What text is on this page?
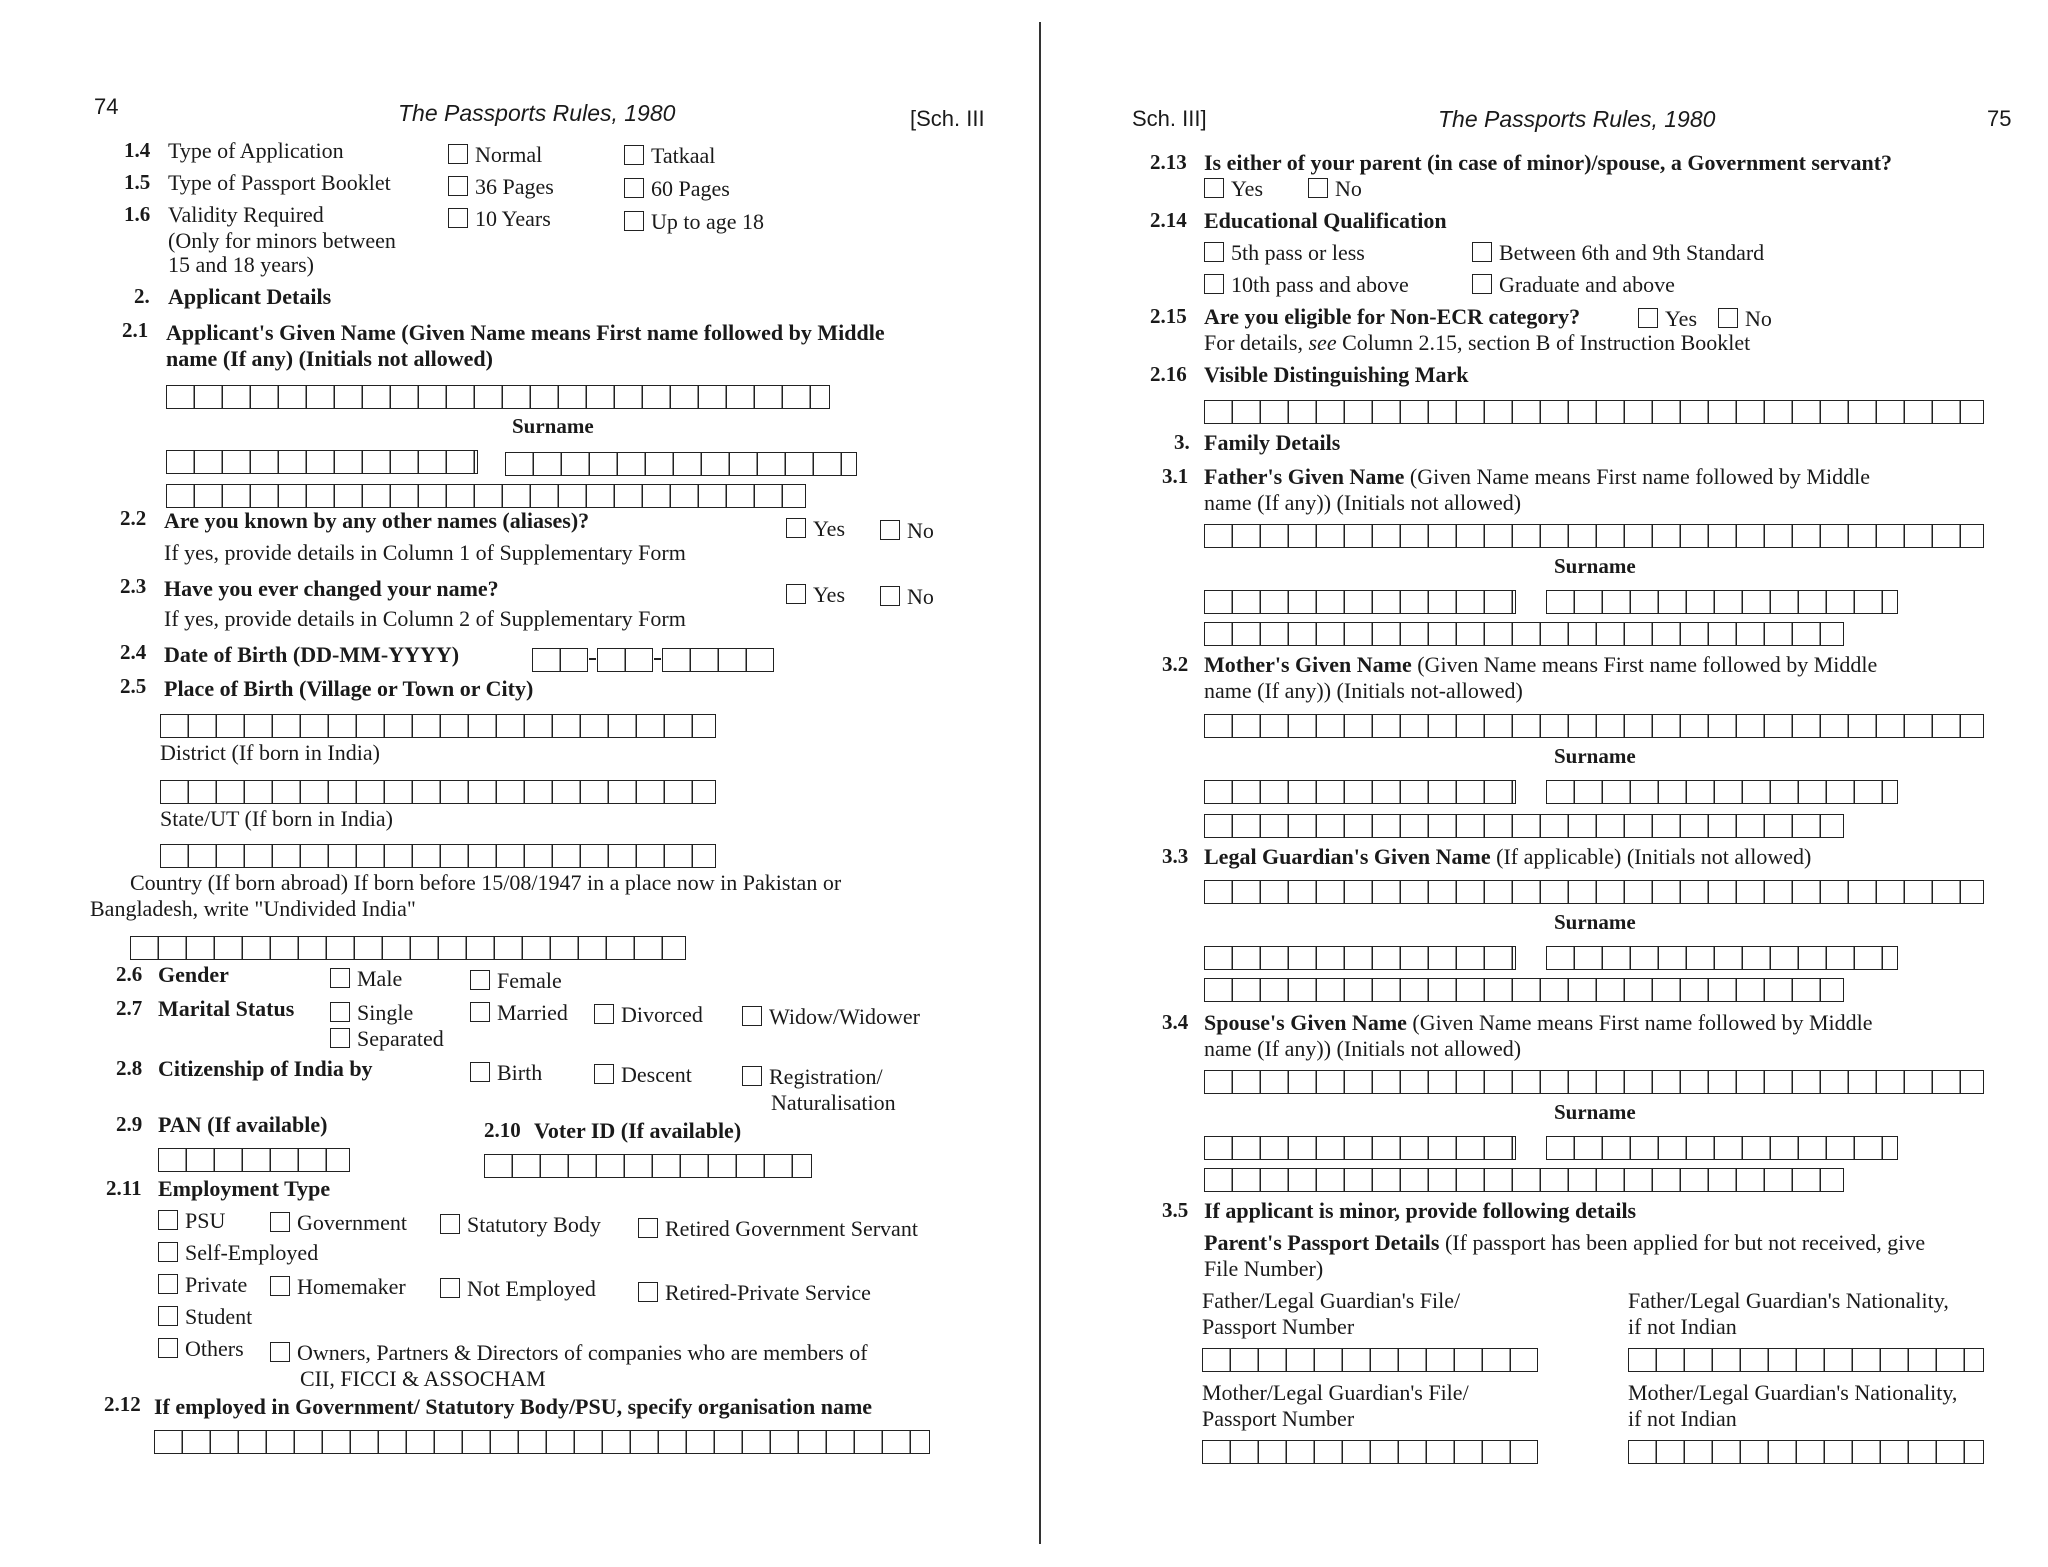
74	The Passports Rules, 1980	[Sch. III
1.4 Type of Application	Normal	Tatkaal
1.5 Type of Passport Booklet	36 Pages	60 Pages
1.6 Validity Required
(Only for minors between
15 and 18 years)
10 Years	Up to age 18
2. Applicant Details
2.1 Applicant's Given Name (Given Name means First name followed by Middle
name (If any) (Initials not allowed)
Surname
2.2 Are you known by any other names (aliases)?
If yes, provide details in Column 1 of Supplementary Form
Yes	No
2.3 Have you ever changed your name?
If yes, provide details in Column 2 of Supplementary Form
Yes	No
2.4 Date of Birth (DD-MM-YYYY)
2.5 Place of Birth (Village or Town or City)
District (If born in India)
State/UT (If born in India)
Country (If born abroad) If born before 15/08/1947 in a place now in Pakistan or
Bangladesh, write "Undivided India"
2.6 Gender	Male	Female
2.7 Marital Status	Single	Married	Divorced	Widow/Widower
Separated
2.8 Citizenship of India by	Birth	Descent	Registration/
Naturalisation
2.9 PAN (If available)	2.10 Voter ID (If available)
2.11 Employment Type
PSU	Government	Statutory Body	Retired Government Servant
Self-Employed
Private	Homemaker	Not Employed	Retired-Private Service
Student
Others	Owners, Partners & Directors of companies who are members of
CII, FICCI & ASSOCHAM
2.12 If employed in Government/ Statutory Body/PSU, specify organisation name
Sch. III]	The Passports Rules, 1980	75
2.13 Is either of your parent (in case of minor)/spouse, a Government servant?
Yes	No
2.14 Educational Qualification
5th pass or less	Between 6th and 9th Standard
10th pass and above	Graduate and above
2.15 Are you eligible for Non-ECR category?	Yes	No
For details, see Column 2.15, section B of Instruction Booklet
2.16 Visible Distinguishing Mark
3. Family Details
3.1 Father's Given Name (Given Name means First name followed by Middle
name (If any)) (Initials not allowed)
Surname
3.2 Mother's Given Name (Given Name means First name followed by Middle
name (If any)) (Initials not-allowed)
Surname
3.3 Legal Guardian's Given Name (If applicable) (Initials not allowed)
Surname
3.4 Spouse's Given Name (Given Name means First name followed by Middle
name (If any)) (Initials not allowed)
Surname
3.5 If applicant is minor, provide following details
Parent's Passport Details (If passport has been applied for but not received, give
File Number)
Father/Legal Guardian's File/
Passport Number
Father/Legal Guardian's Nationality,
if not Indian
Mother/Legal Guardian's File/
Passport Number
Mother/Legal Guardian's Nationality,
if not Indian
